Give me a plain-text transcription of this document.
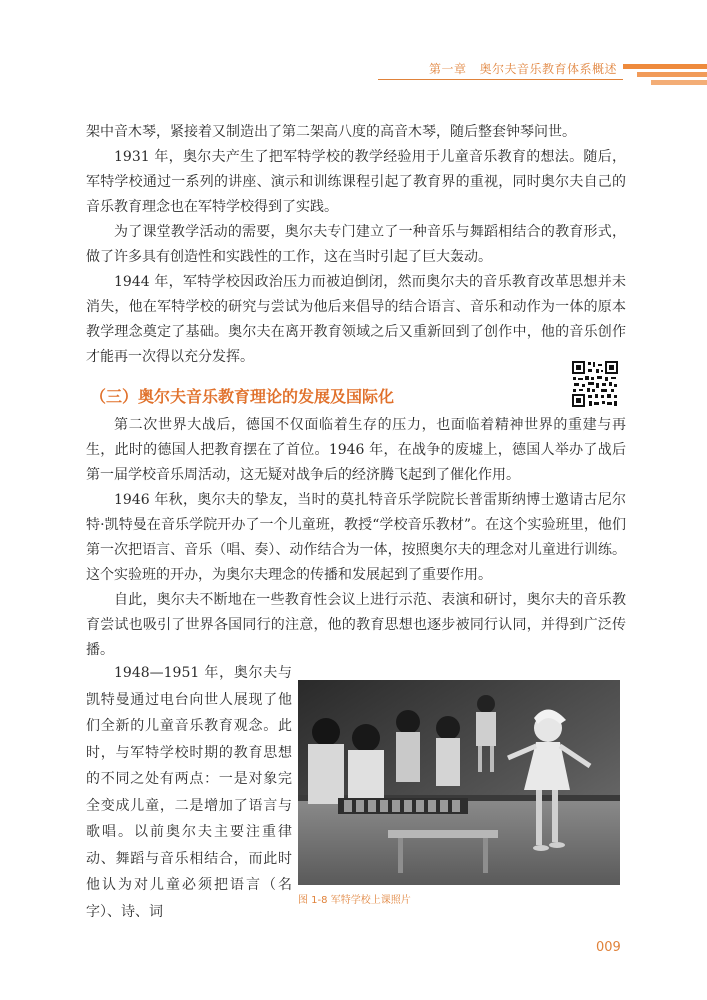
第一章 奥尔夫音乐教育体系概述

架中音木琴，紧接着又制造出了第二架高八度的高音木琴，随后整套钟琴问世。

1931 年，奥尔夫产生了把军特学校的教学经验用于儿童音乐教育的想法。随后，军特学校通过一系列的讲座、演示和训练课程引起了教育界的重视，同时奥尔夫自己的音乐教育理念也在军特学校得到了实践。

为了课堂教学活动的需要，奥尔夫专门建立了一种音乐与舞蹈相结合的教育形式，做了许多具有创造性和实践性的工作，这在当时引起了巨大轰动。

1944 年，军特学校因政治压力而被迫倒闭，然而奥尔夫的音乐教育改革思想并未消失，他在军特学校的研究与尝试为他后来倡导的结合语言、音乐和动作为一体的原本教学理念奠定了基础。奥尔夫在离开教育领域之后又重新回到了创作中，他的音乐创作才能再一次得以充分发挥。

（三）奥尔夫音乐教育理论的发展及国际化

第二次世界大战后，德国不仅面临着生存的压力，也面临着精神世界的重建与再生，此时的德国人把教育摆在了首位。1946 年，在战争的废墟上，德国人举办了战后第一届学校音乐周活动，这无疑对战争后的经济腾飞起到了催化作用。

1946 年秋，奥尔夫的挚友，当时的莫扎特音乐学院院长普雷斯纳博士邀请古尼尔特·凯特曼在音乐学院开办了一个儿童班，教授“学校音乐教材”。在这个实验班里，他们第一次把语言、音乐（唱、奏）、动作结合为一体，按照奥尔夫的理念对儿童进行训练。这个实验班的开办，为奥尔夫理念的传播和发展起到了重要作用。

自此，奥尔夫不断地在一些教育性会议上进行示范、表演和研讨，奥尔夫的音乐教育尝试也吸引了世界各国同行的注意，他的教育思想也逐步被同行认同，并得到广泛传播。

1948—1951 年，奥尔夫与凯特曼通过电台向世人展现了他们全新的儿童音乐教育观念。此时，与军特学校时期的教育思想的不同之处有两点：一是对象完全变成儿童，二是增加了语言与歌唱。以前奥尔夫主要注重律动、舞蹈与音乐相结合，而此时他认为对儿童必须把语言（名字）、诗、词

图 1-8 军特学校上课照片
009
